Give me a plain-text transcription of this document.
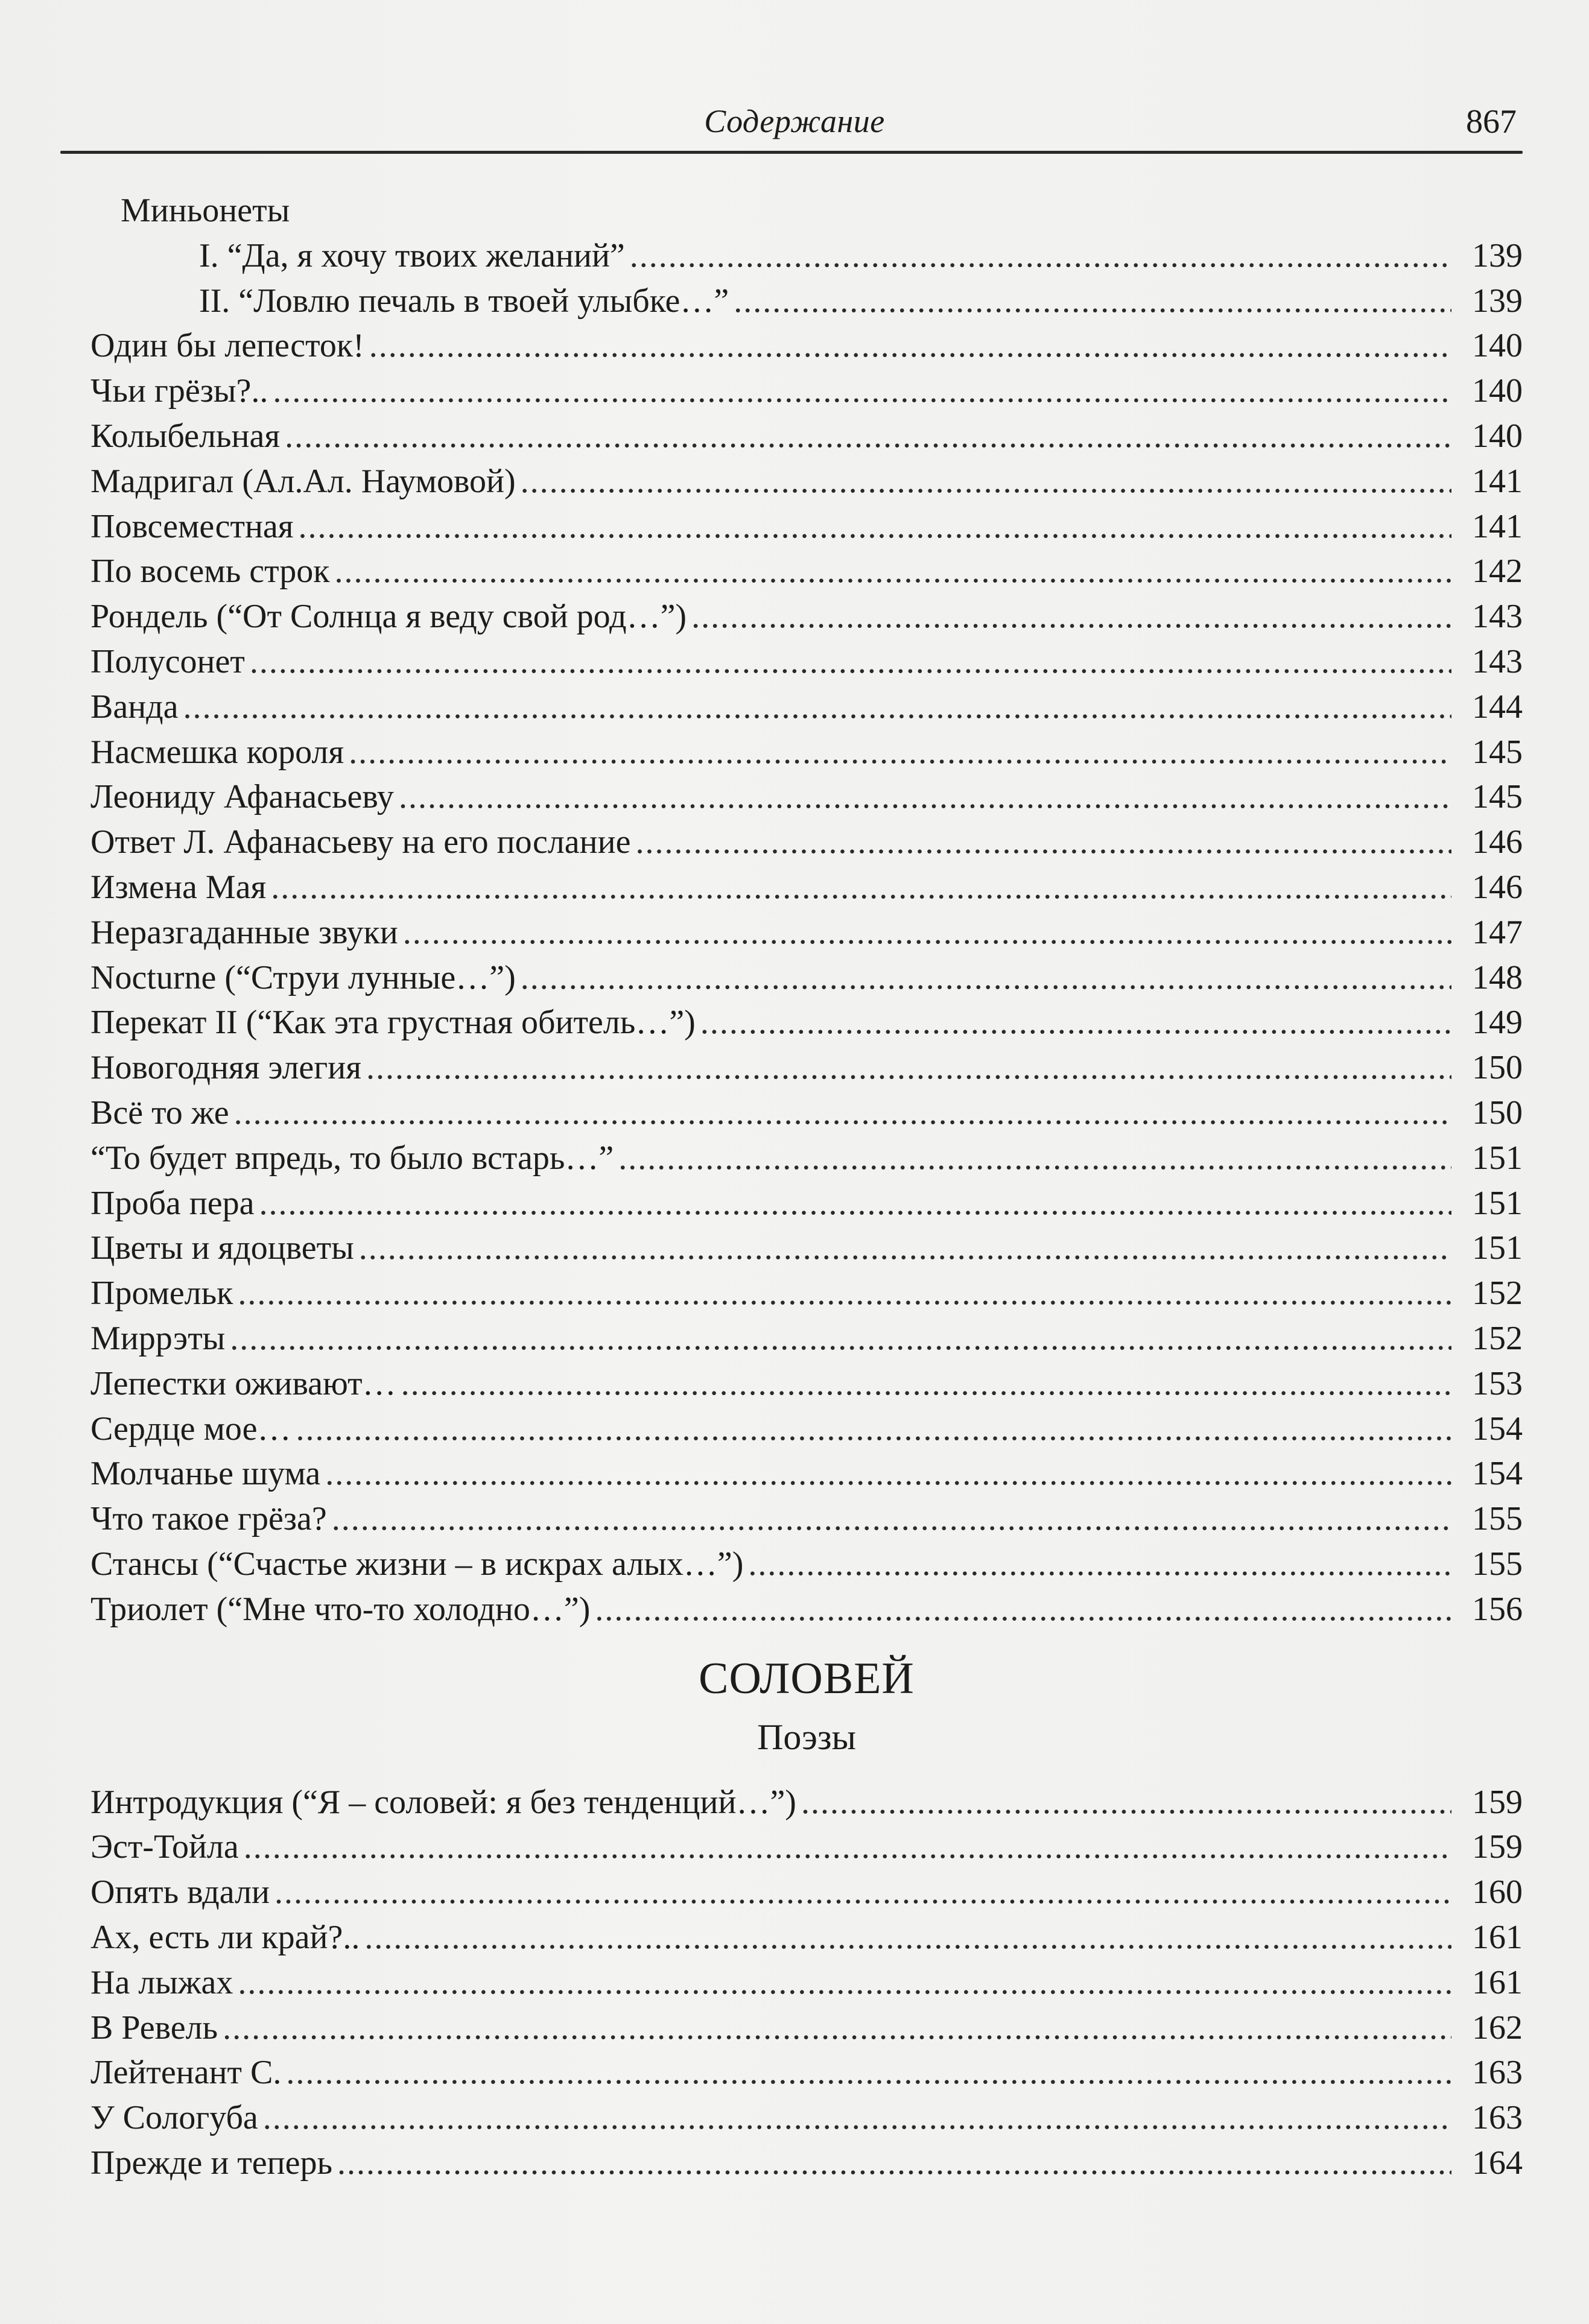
Содержание	867
Миньонеты
I. “Да, я хочу твоих желаний” .....	139
II. “Ловлю печаль в твоей улыбке…” .....	139
Один бы лепесток! .....	140
Чьи грёзы?.. .....	140
Колыбельная .....	140
Мадригал (Ал.Ал. Наумовой) .....	141
Повсеместная .....	141
По восемь строк .....	142
Рондель (“От Солнца я веду свой род…”) .....	143
Полусонет .....	143
Ванда .....	144
Насмешка короля .....	145
Леониду Афанасьеву .....	145
Ответ Л. Афанасьеву на его послание .....	146
Измена Мая .....	146
Неразгаданные звуки .....	147
Nocturne (“Струи лунные…”) .....	148
Перекат II (“Как эта грустная обитель…”) .....	149
Новогодняя элегия .....	150
Всё то же .....	150
“То будет впредь, то было встарь…” .....	151
Проба пера .....	151
Цветы и ядоцветы .....	151
Промельк .....	152
Миррэты .....	152
Лепестки оживают… .....	153
Сердце мое… .....	154
Молчанье шума .....	154
Что такое грёза? .....	155
Стансы (“Счастье жизни – в искрах алых…”) .....	155
Триолет (“Мне что-то холодно…”) .....	156
СОЛОВЕЙ
Поэзы
Интродукция (“Я – соловей: я без тенденций…”) .....	159
Эст-Тойла .....	159
Опять вдали .....	160
Ах, есть ли край?.. .....	161
На лыжах .....	161
В Ревель .....	162
Лейтенант С. .....	163
У Сологуба .....	163
Прежде и теперь .....	164
